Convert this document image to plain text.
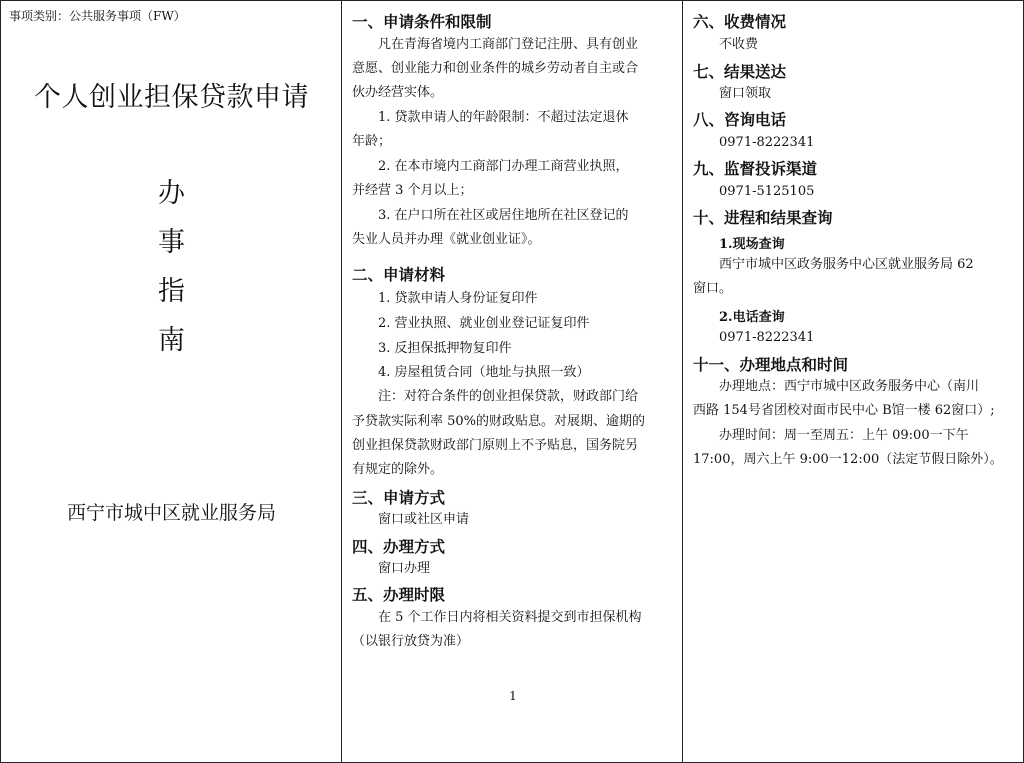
事项类别：公共服务事项（FW）
个人创业担保贷款申请
办
事
指
南
西宁市城中区就业服务局
一、申请条件和限制
　　凡在青海省境内工商部门登记注册、具有创业
意愿、创业能力和创业条件的城乡劳动者自主或合
伙办经营实体。
　　1. 贷款申请人的年龄限制：不超过法定退休
年龄；
　　2. 在本市境内工商部门办理工商营业执照，
并经营 3 个月以上；
　　3. 在户口所在社区或居住地所在社区登记的
失业人员并办理《就业创业证》。
二、申请材料
　　1. 贷款申请人身份证复印件
　　2. 营业执照、就业创业登记证复印件
　　3. 反担保抵押物复印件
　　4. 房屋租赁合同（地址与执照一致）
　　注：对符合条件的创业担保贷款，财政部门给
予贷款实际利率 50%的财政贴息。对展期、逾期的
创业担保贷款财政部门原则上不予贴息，国务院另
有规定的除外。
三、申请方式
　　窗口或社区申请
四、办理方式
　　窗口办理
五、办理时限
　　在 5 个工作日内将相关资料提交到市担保机构
（以银行放贷为准）
1
六、收费情况
　　不收费
七、结果送达
　　窗口领取
八、咨询电话
　　0971-8222341
九、监督投诉渠道
　　0971-5125105
十、进程和结果查询
　　1.现场查询
　　西宁市城中区政务服务中心区就业服务局 62
窗口。
　　2.电话查询
　　0971-8222341
十一、办理地点和时间
　　办理地点：西宁市城中区政务服务中心（南川
西路 154号省团校对面市民中心 B馆一楼 62窗口）;
　　办理时间：周一至周五：上午 09:00一下午
17:00，周六上午 9:00一12:00（法定节假日除外）。
